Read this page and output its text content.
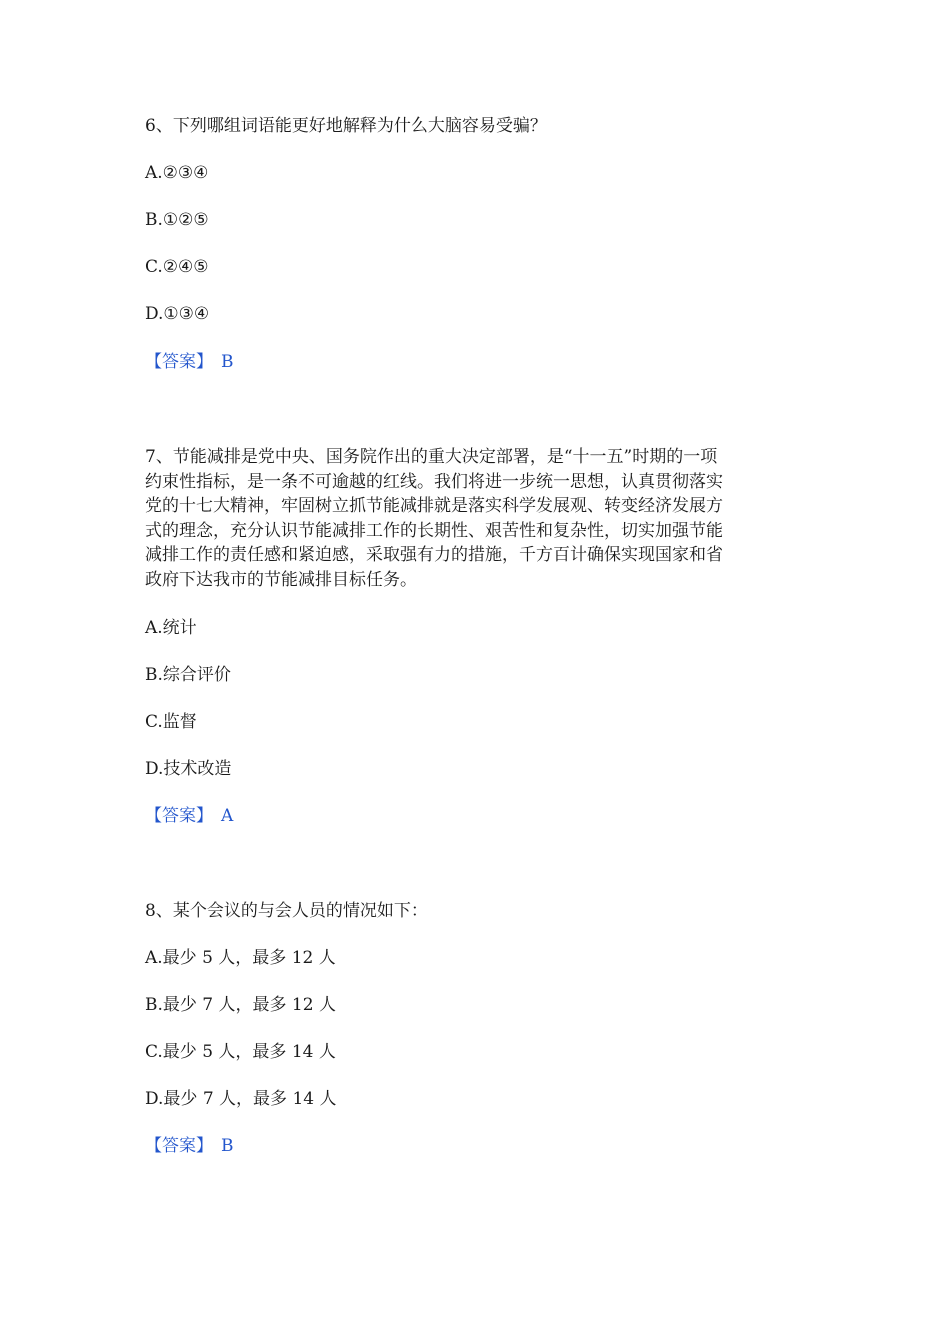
6、下列哪组词语能更好地解释为什么大脑容易受骗？
A.②③④
B.①②⑤
C.②④⑤
D.①③④
【答案】 B
7、节能减排是党中央、国务院作出的重大决定部署，是“十一五”时期的一项
约束性指标，是一条不可逾越的红线。我们将进一步统一思想，认真贯彻落实
党的十七大精神，牢固树立抓节能减排就是落实科学发展观、转变经济发展方
式的理念，充分认识节能减排工作的长期性、艰苦性和复杂性，切实加强节能
减排工作的责任感和紧迫感，采取强有力的措施，千方百计确保实现国家和省
政府下达我市的节能减排目标任务。
A.统计
B.综合评价
C.监督
D.技术改造
【答案】 A
8、某个会议的与会人员的情况如下：
A.最少 5 人，最多 12 人
B.最少 7 人，最多 12 人
C.最少 5 人，最多 14 人
D.最少 7 人，最多 14 人
【答案】 B
